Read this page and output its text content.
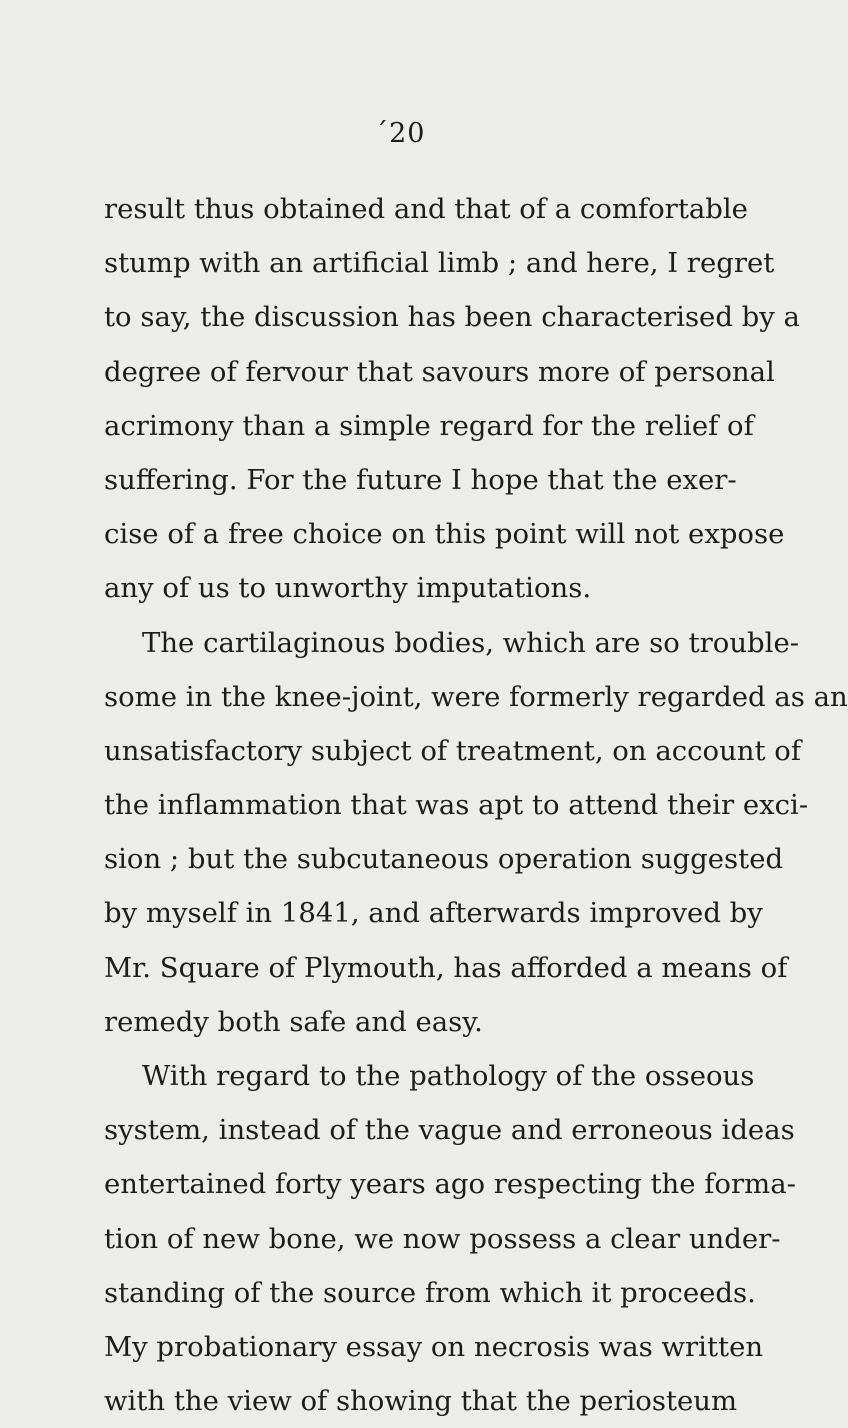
´20
result thus obtained and that of a comfortable
stump with an artificial limb ; and here, I regret
to say, the discussion has been characterised by a
degree of fervour that savours more of personal
acrimony than a simple regard for the relief of
suffering. For the future I hope that the exer-
cise of a free choice on this point will not expose
any of us to unworthy imputations.
The cartilaginous bodies, which are so trouble-
some in the knee-joint, were formerly regarded as an
unsatisfactory subject of treatment, on account of
the inflammation that was apt to attend their exci-
sion ; but the subcutaneous operation suggested
by myself in 1841, and afterwards improved by
Mr. Square of Plymouth, has afforded a means of
remedy both safe and easy.
With regard to the pathology of the osseous
system, instead of the vague and erroneous ideas
entertained forty years ago respecting the forma-
tion of new bone, we now possess a clear under-
standing of the source from which it proceeds.
My probationary essay on necrosis was written
with the view of showing that the periosteum
